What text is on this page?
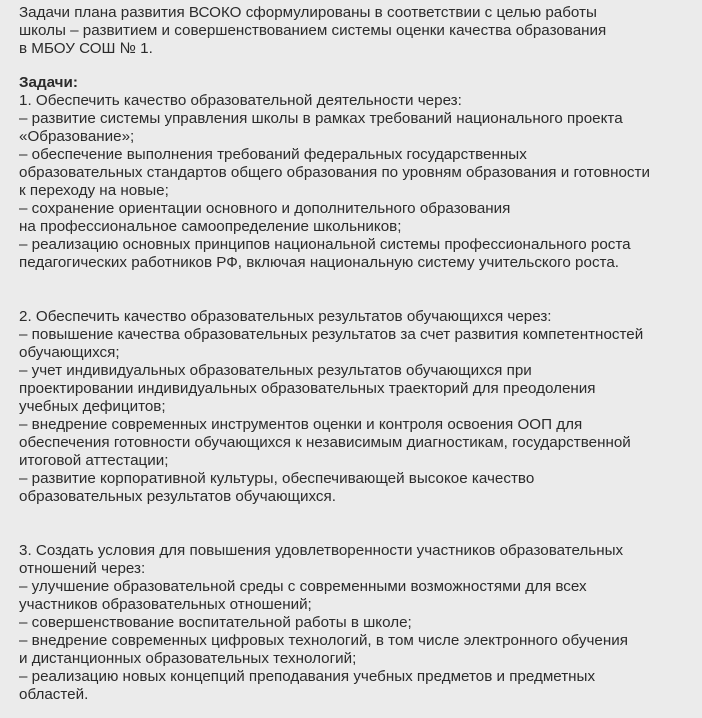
Задачи плана развития ВСОКО сформулированы в соответствии с целью работы
школы – развитием и совершенствованием системы оценки качества образования
в МБОУ СОШ № 1.
Задачи:
1. Обеспечить качество образовательной деятельности через:
– развитие системы управления школы в рамках требований национального проекта
«Образование»;
– обеспечение выполнения требований федеральных государственных
образовательных стандартов общего образования по уровням образования и готовности
к переходу на новые;
– сохранение ориентации основного и дополнительного образования
на профессиональное самоопределение школьников;
– реализацию основных принципов национальной системы профессионального роста
педагогических работников РФ, включая национальную систему учительского роста.
2. Обеспечить качество образовательных результатов обучающихся через:
– повышение качества образовательных результатов за счет развития компетентностей
обучающихся;
– учет индивидуальных образовательных результатов обучающихся при
проектировании индивидуальных образовательных траекторий для преодоления
учебных дефицитов;
– внедрение современных инструментов оценки и контроля освоения ООП для
обеспечения готовности обучающихся к независимым диагностикам, государственной
итоговой аттестации;
– развитие корпоративной культуры, обеспечивающей высокое качество
образовательных результатов обучающихся.
3. Создать условия для повышения удовлетворенности участников образовательных
отношений через:
– улучшение образовательной среды с современными возможностями для всех
участников образовательных отношений;
– совершенствование воспитательной работы в школе;
– внедрение современных цифровых технологий, в том числе электронного обучения
и дистанционных образовательных технологий;
– реализацию новых концепций преподавания учебных предметов и предметных
областей.
